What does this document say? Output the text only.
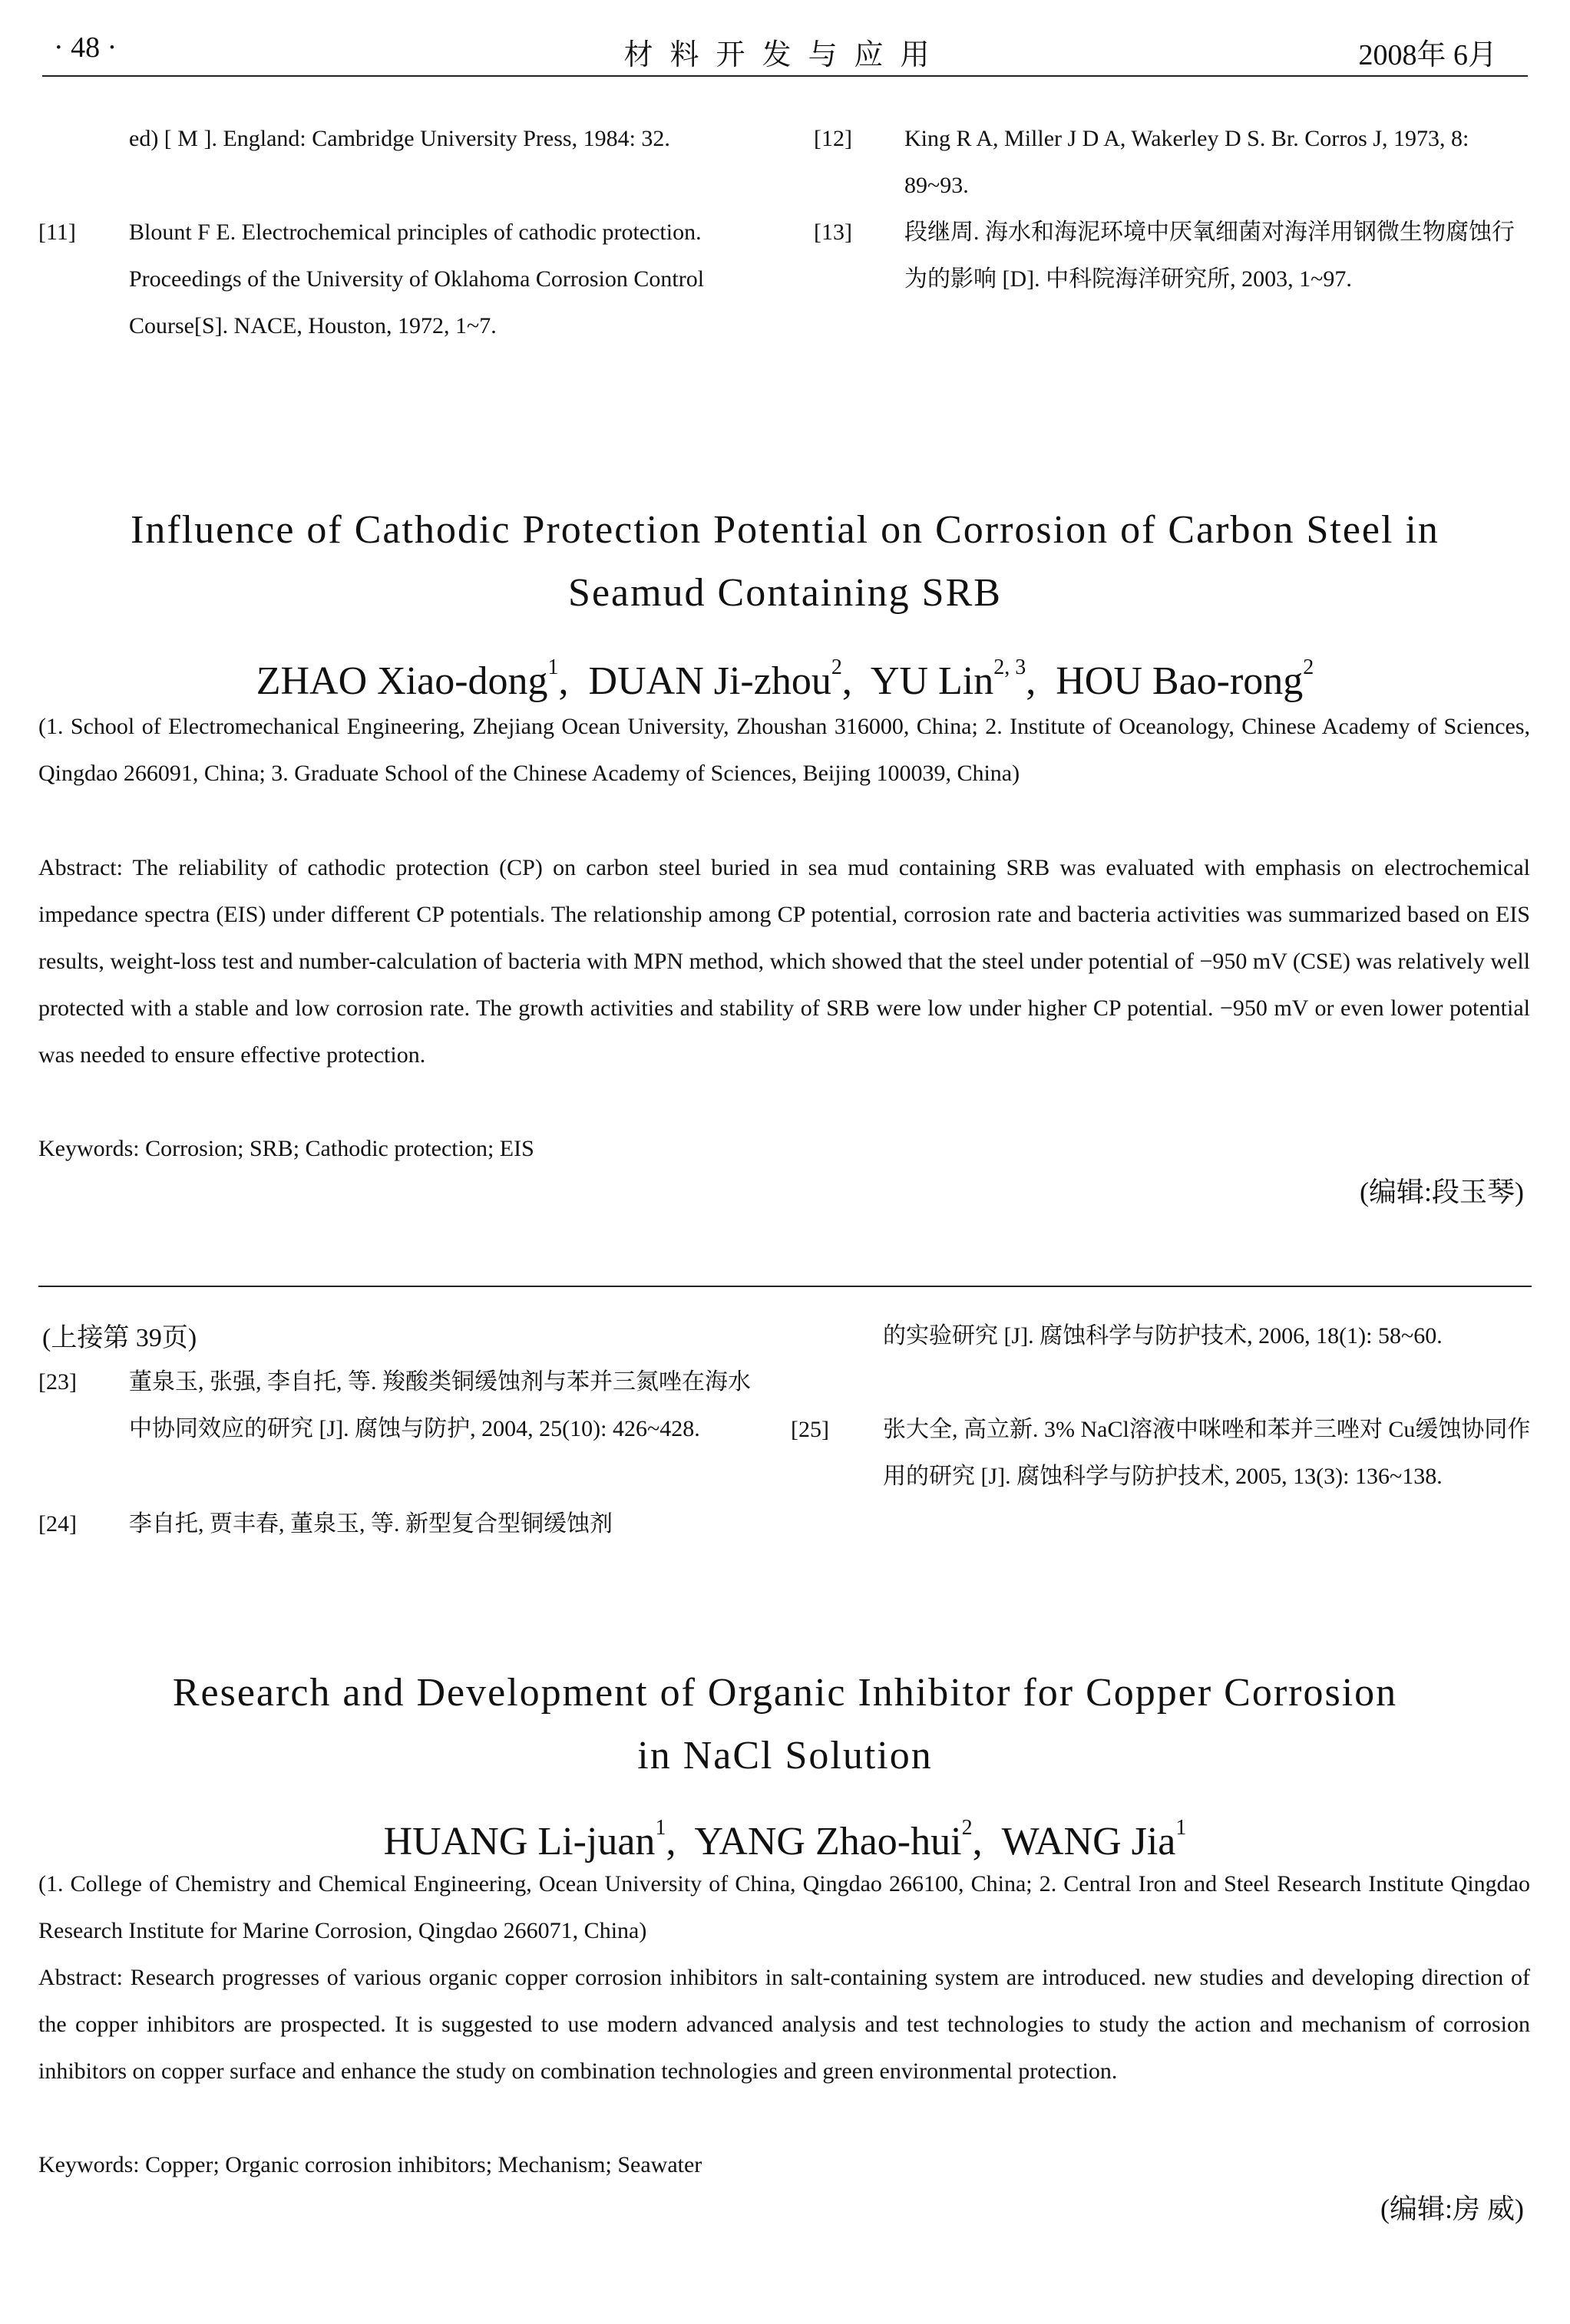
· 48 ·	材料开发与应用	2008年 6月
ed) [ M ]. England: Cambridge University Press, 1984: 32.
[11]	Blount F E. Electrochemical principles of cathodic protection. Proceedings of the University of Oklahoma Corrosion Control Course[S]. NACE, Houston, 1972, 1~7.
[12]	King R A, Miller J D A, Wakerley D S. Br. Corros J, 1973, 8: 89~93.
[13]	段继周. 海水和海泥环境中厌氧细菌对海洋用钢微生物腐蚀行为的影响 [D]. 中科院海洋研究所, 2003, 1~97.
Influence of Cathodic Protection Potential on Corrosion of Carbon Steel in Seamud Containing SRB
ZHAO Xiao-dong$^1$,  DUAN Ji-zhou$^2$,  YU Lin$^{2, 3}$,  HOU Bao-rong$^2$
(1. School of Electromechanical Engineering, Zhejiang Ocean University, Zhoushan 316000, China; 2. Institute of Oceanology, Chinese Academy of Sciences, Qingdao 266091, China; 3. Graduate School of the Chinese Academy of Sciences, Beijing 100039, China)
Abstract: The reliability of cathodic protection (CP) on carbon steel buried in sea mud containing SRB was evaluated with emphasis on electrochemical impedance spectra (EIS) under different CP potentials. The relationship among CP potential, corrosion rate and bacteria activities was summarized based on EIS results, weight-loss test and number-calculation of bacteria with MPN method, which showed that the steel under potential of −950 mV (CSE) was relatively well protected with a stable and low corrosion rate. The growth activities and stability of SRB were low under higher CP potential. −950 mV or even lower potential was needed to ensure effective protection.
Keywords: Corrosion; SRB; Cathodic protection; EIS
(编辑:段玉琴)
(上接第 39页)
[23]	董泉玉, 张强, 李自托, 等. 羧酸类铜缓蚀剂与苯并三氮唑在海水中协同效应的研究 [J]. 腐蚀与防护, 2004, 25(10): 426~428.
[24]	李自托, 贾丰春, 董泉玉, 等. 新型复合型铜缓蚀剂
的实验研究 [J]. 腐蚀科学与防护技术, 2006, 18(1): 58~60.
[25]	张大全, 高立新. 3% NaCl溶液中咪唑和苯并三唑对 Cu缓蚀协同作用的研究 [J]. 腐蚀科学与防护技术, 2005, 13(3): 136~138.
Research and Development of Organic Inhibitor for Copper Corrosion in NaCl Solution
HUANG Li-juan$^1$,  YANG Zhao-hui$^2$,  WANG Jia$^1$
(1. College of Chemistry and Chemical Engineering, Ocean University of China, Qingdao 266100, China; 2. Central Iron and Steel Research Institute Qingdao Research Institute for Marine Corrosion, Qingdao 266071, China)
Abstract: Research progresses of various organic copper corrosion inhibitors in salt-containing system are introduced. new studies and developing direction of the copper inhibitors are prospected. It is suggested to use modern advanced analysis and test technologies to study the action and mechanism of corrosion inhibitors on copper surface and enhance the study on combination technologies and green environmental protection.
Keywords: Copper; Organic corrosion inhibitors; Mechanism; Seawater
(编辑:房 威)
